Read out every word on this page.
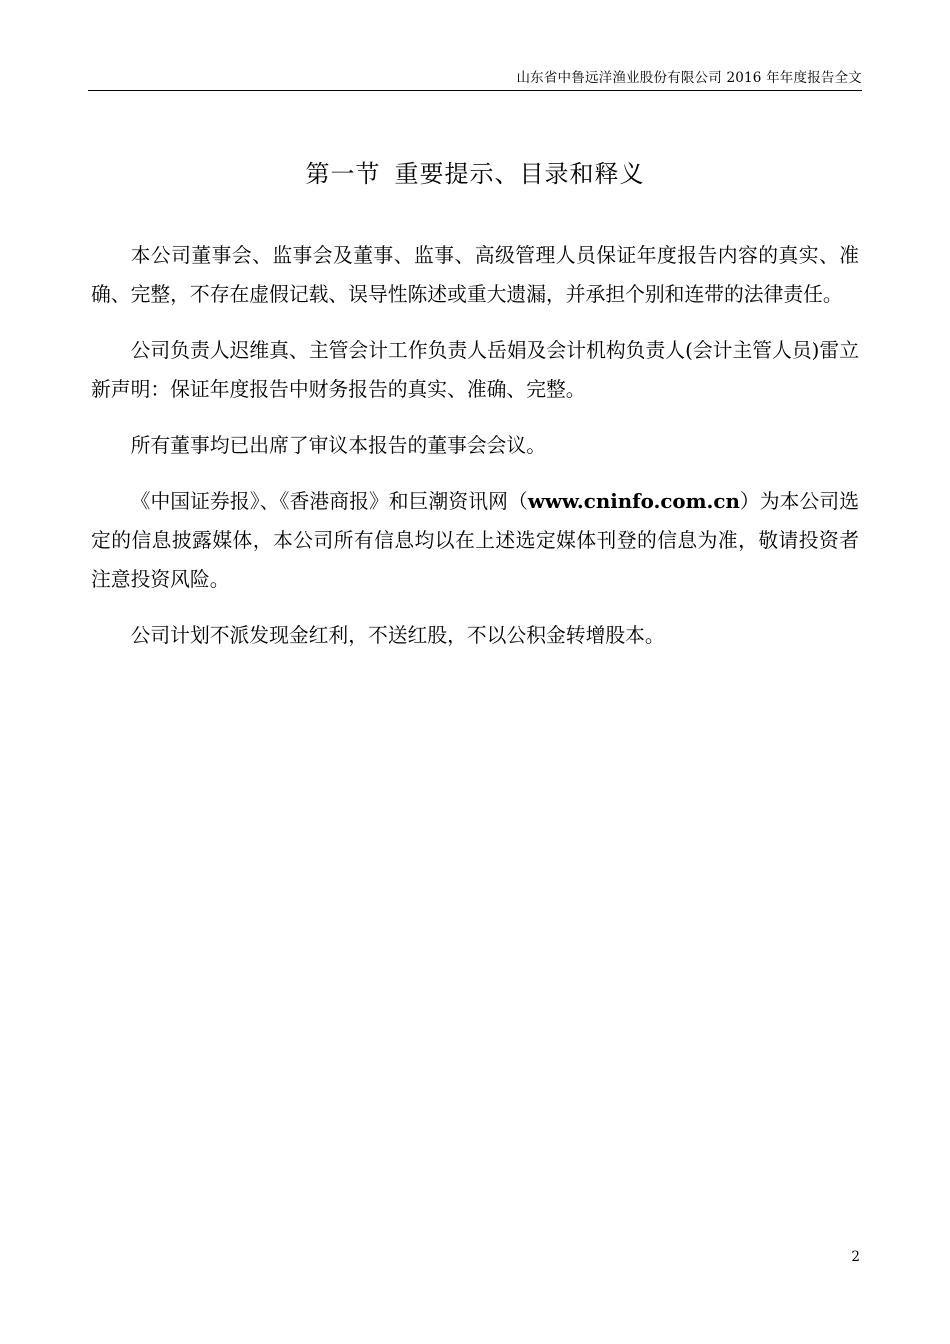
山东省中鲁远洋渔业股份有限公司 2016 年年度报告全文
第一节 重要提示、目录和释义

本公司董事会、监事会及董事、监事、高级管理人员保证年度报告内容的真实、准确、完整，不存在虚假记载、误导性陈述或重大遗漏，并承担个别和连带的法律责任。

公司负责人迟维真、主管会计工作负责人岳娟及会计机构负责人(会计主管人员)雷立新声明：保证年度报告中财务报告的真实、准确、完整。

所有董事均已出席了审议本报告的董事会会议。

《中国证券报》、《香港商报》和巨潮资讯网（www.cninfo.com.cn）为本公司选定的信息披露媒体，本公司所有信息均以在上述选定媒体刊登的信息为准，敬请投资者注意投资风险。

公司计划不派发现金红利，不送红股，不以公积金转增股本。

2
